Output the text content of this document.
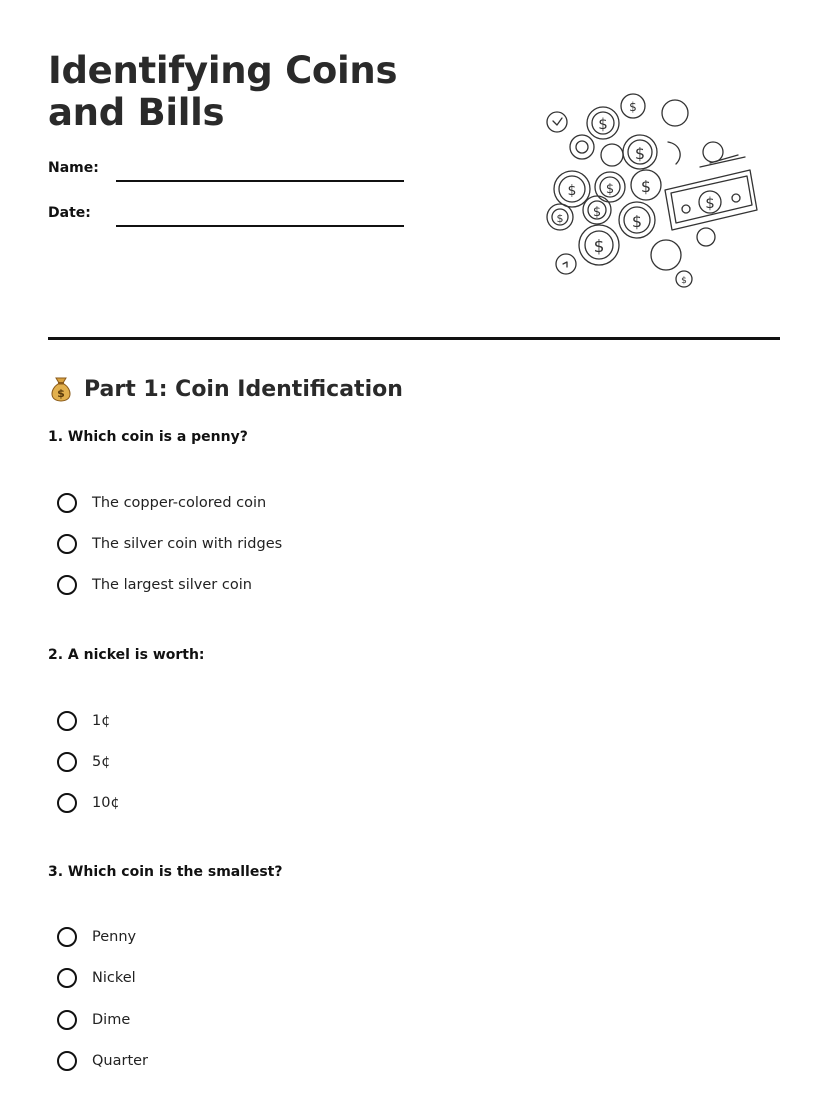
Identifying Coins and Bills
Name:
Date:
$
$
$
$
$ $ $
$ $ $
$
$
$ Part 1: Coin Identification
1. Which coin is a penny?
The copper-colored coin
The silver coin with ridges
The largest silver coin
2. A nickel is worth:
1¢
5¢
10¢
3. Which coin is the smallest?
Penny
Nickel
Dime
Quarter
